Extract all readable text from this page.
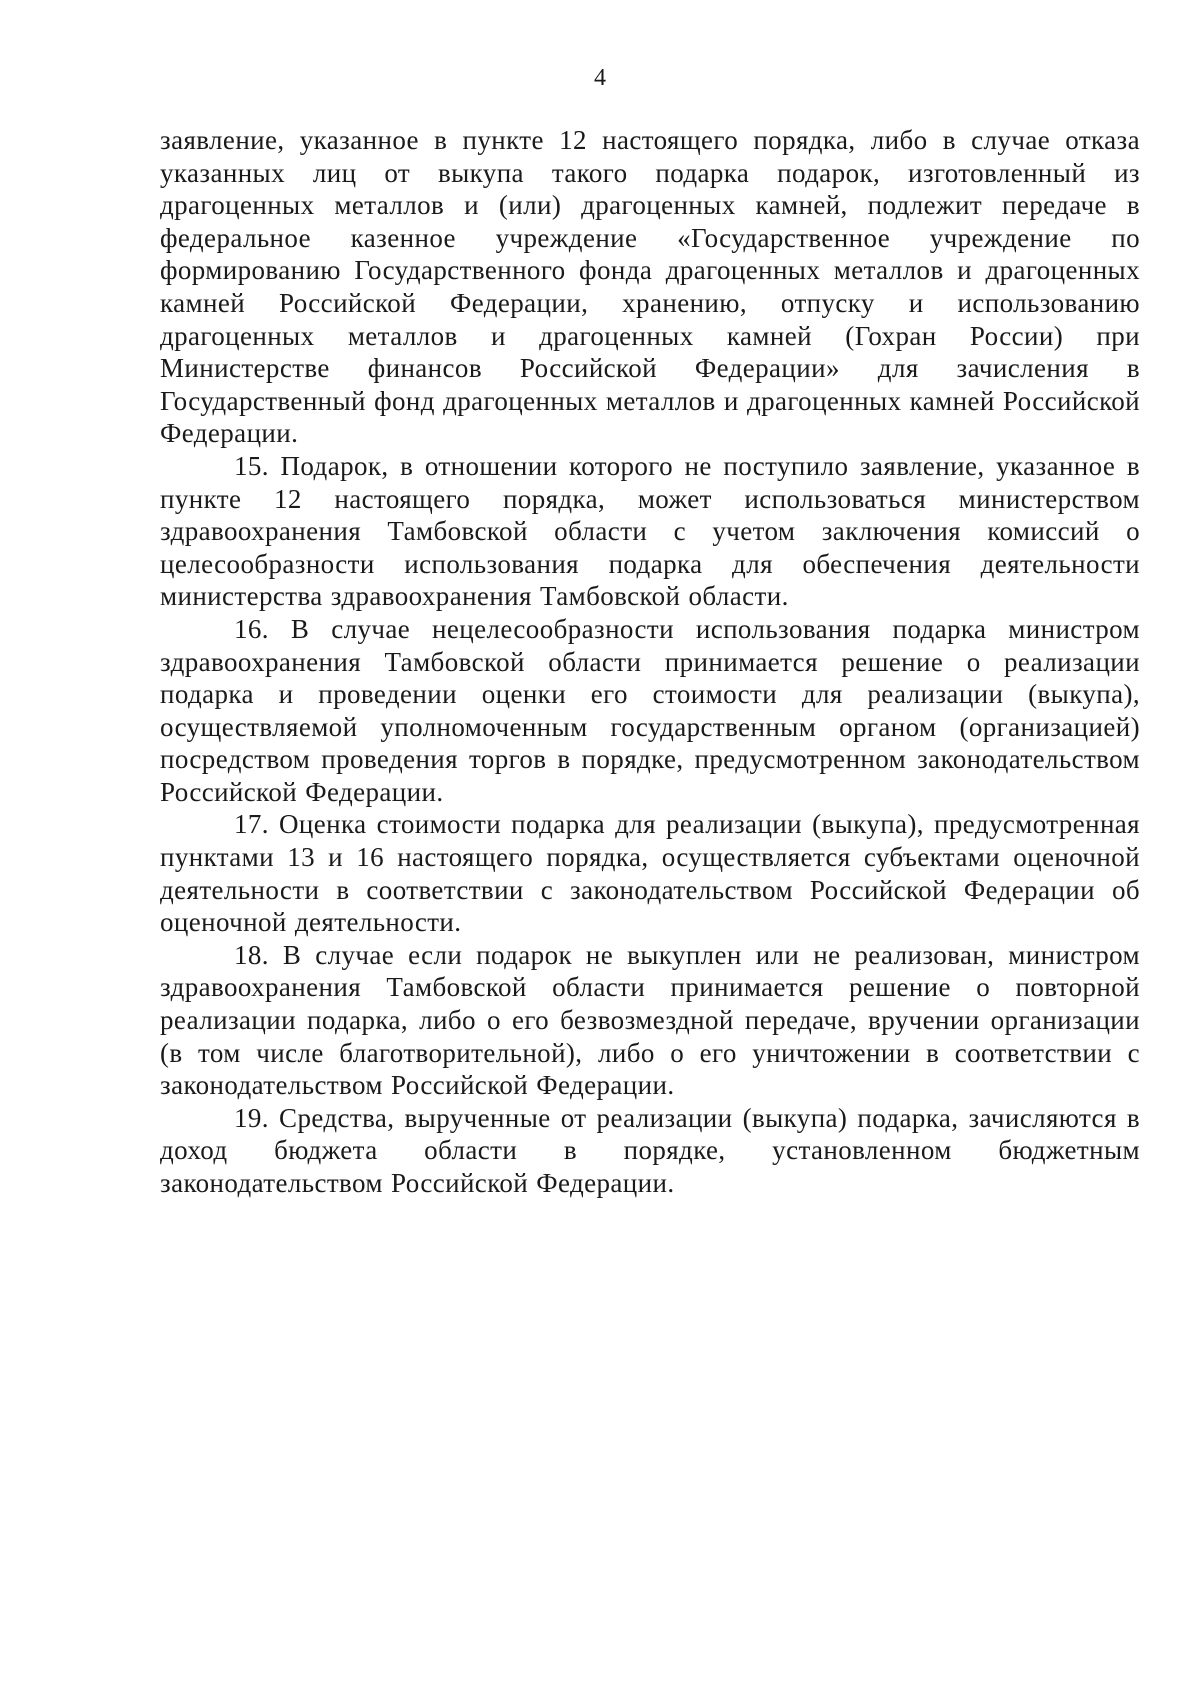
4

заявление, указанное в пункте 12 настоящего порядка, либо в случае отказа указанных лиц от выкупа такого подарка подарок, изготовленный из драгоценных металлов и (или) драгоценных камней, подлежит передаче в федеральное казенное учреждение «Государственное учреждение по формированию Государственного фонда драгоценных металлов и драгоценных камней Российской Федерации, хранению, отпуску и использованию драгоценных металлов и драгоценных камней (Гохран России) при Министерстве финансов Российской Федерации» для зачисления в Государственный фонд драгоценных металлов и драгоценных камней Российской Федерации.

15. Подарок, в отношении которого не поступило заявление, указанное в пункте 12 настоящего порядка, может использоваться министерством здравоохранения Тамбовской области с учетом заключения комиссий о целесообразности использования подарка для обеспечения деятельности министерства здравоохранения Тамбовской области.

16. В случае нецелесообразности использования подарка министром здравоохранения Тамбовской области принимается решение о реализации подарка и проведении оценки его стоимости для реализации (выкупа), осуществляемой уполномоченным государственным органом (организацией) посредством проведения торгов в порядке, предусмотренном законодательством Российской Федерации.

17. Оценка стоимости подарка для реализации (выкупа), предусмотренная пунктами 13 и 16 настоящего порядка, осуществляется субъектами оценочной деятельности в соответствии с законодательством Российской Федерации об оценочной деятельности.

18. В случае если подарок не выкуплен или не реализован, министром здравоохранения Тамбовской области принимается решение о повторной реализации подарка, либо о его безвозмездной передаче, вручении организации (в том числе благотворительной), либо о его уничтожении в соответствии с законодательством Российской Федерации.

19. Средства, вырученные от реализации (выкупа) подарка, зачисляются в доход бюджета области в порядке, установленном бюджетным законодательством Российской Федерации.
